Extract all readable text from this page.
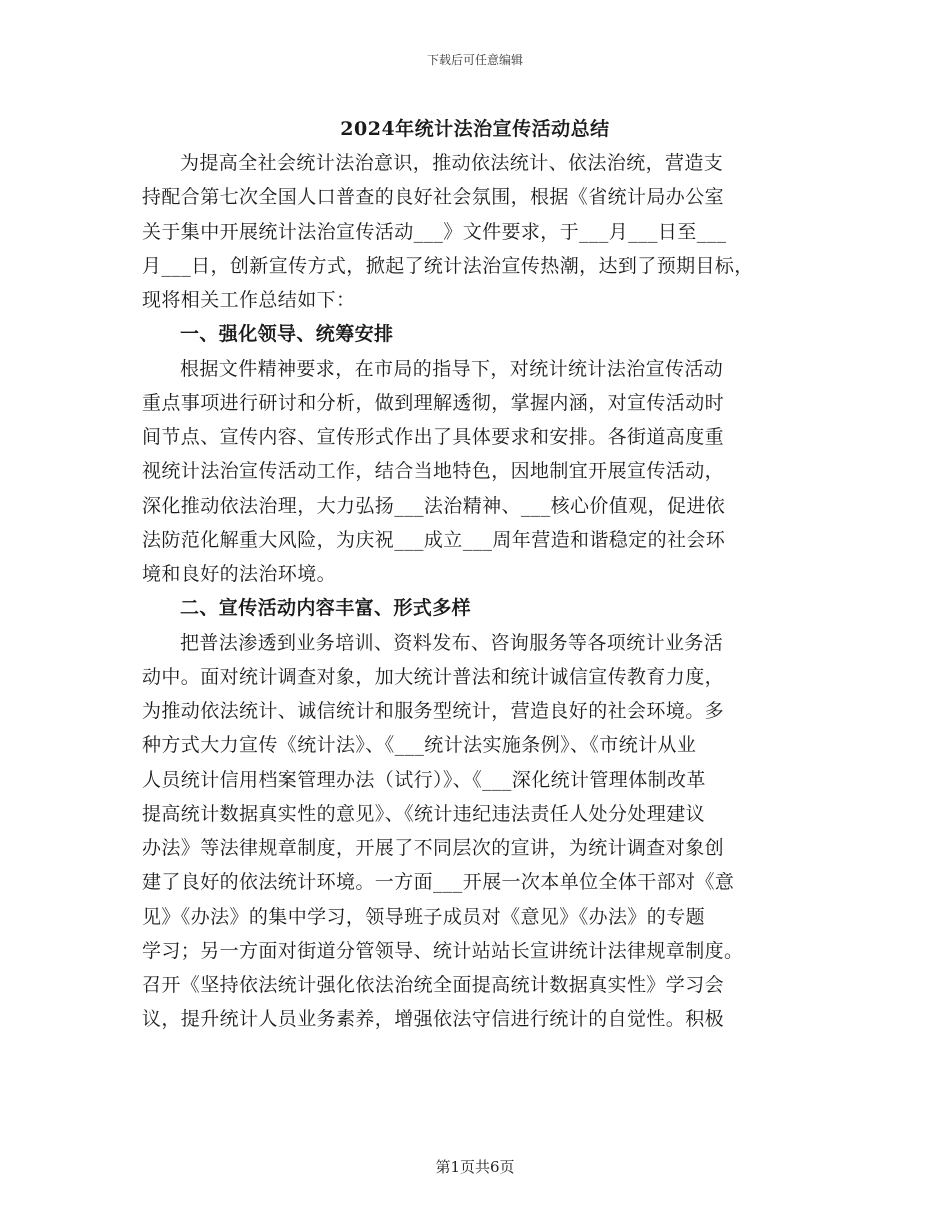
下载后可任意编辑
2024年统计法治宣传活动总结
为提高全社会统计法治意识，推动依法统计、依法治统，营造支
持配合第七次全国人口普查的良好社会氛围，根据《省统计局办公室
关于集中开展统计法治宣传活动___》文件要求，于___月___日至___
月___日，创新宣传方式，掀起了统计法治宣传热潮，达到了预期目标，
现将相关工作总结如下：
一、强化领导、统筹安排
根据文件精神要求，在市局的指导下，对统计统计法治宣传活动
重点事项进行研讨和分析，做到理解透彻，掌握内涵，对宣传活动时
间节点、宣传内容、宣传形式作出了具体要求和安排。各街道高度重
视统计法治宣传活动工作，结合当地特色，因地制宜开展宣传活动，
深化推动依法治理，大力弘扬___法治精神、___核心价值观，促进依
法防范化解重大风险，为庆祝___成立___周年营造和谐稳定的社会环
境和良好的法治环境。
二、宣传活动内容丰富、形式多样
把普法渗透到业务培训、资料发布、咨询服务等各项统计业务活
动中。面对统计调查对象，加大统计普法和统计诚信宣传教育力度，
为推动依法统计、诚信统计和服务型统计，营造良好的社会环境。多
种方式大力宣传《统计法》、《___统计法实施条例》、《市统计从业
人员统计信用档案管理办法（试行）》、《___深化统计管理体制改革
提高统计数据真实性的意见》、《统计违纪违法责任人处分处理建议
办法》等法律规章制度，开展了不同层次的宣讲，为统计调查对象创
建了良好的依法统计环境。一方面___开展一次本单位全体干部对《意
见》《办法》的集中学习，领导班子成员对《意见》《办法》的专题
学习；另一方面对街道分管领导、统计站站长宣讲统计法律规章制度。
召开《坚持依法统计强化依法治统全面提高统计数据真实性》学习会
议，提升统计人员业务素养，增强依法守信进行统计的自觉性。积极
第1页共6页
